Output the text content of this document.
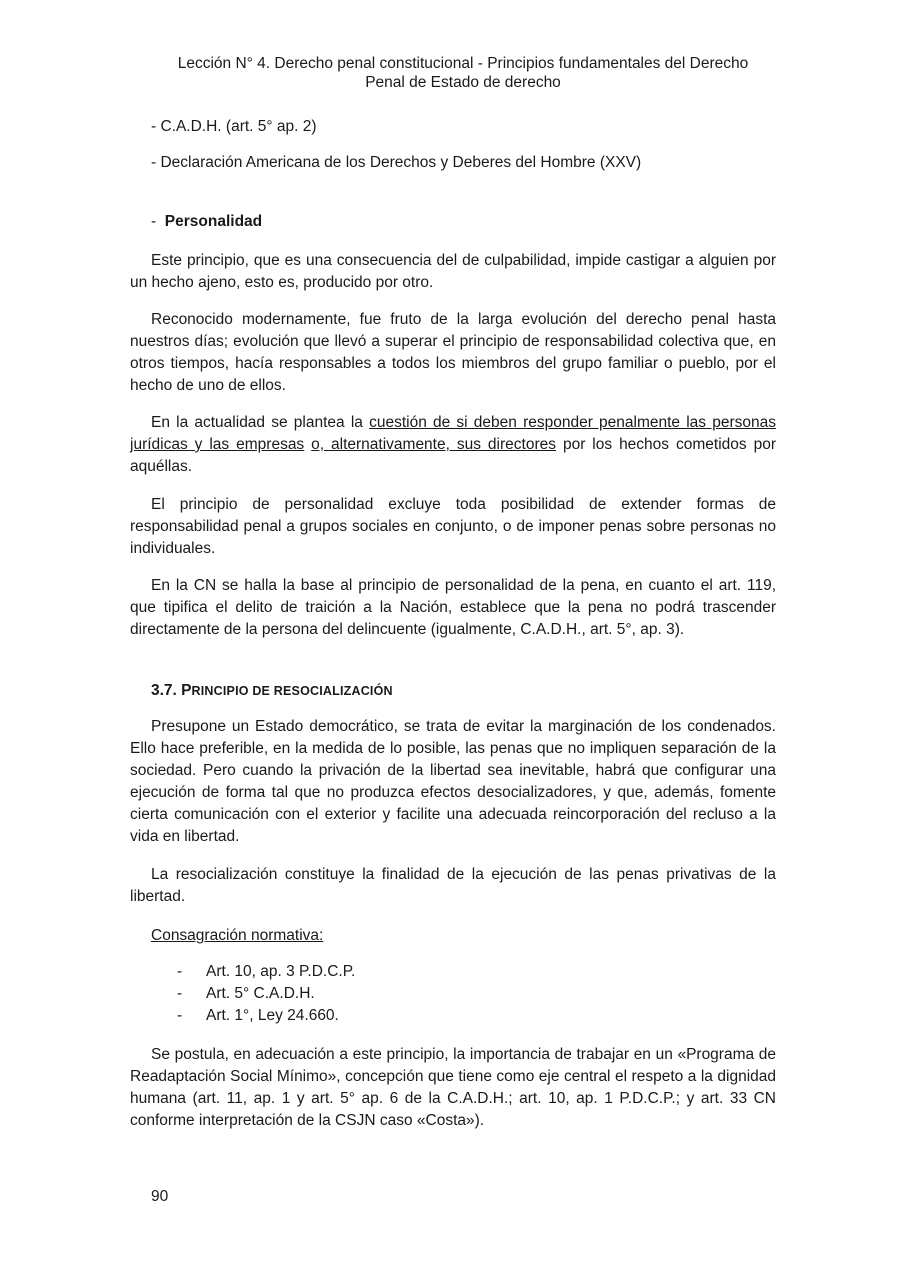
Lección N° 4. Derecho penal constitucional - Principios fundamentales del Derecho
Penal de Estado de derecho

- C.A.D.H. (art. 5° ap. 2)

- Declaración Americana de los Derechos y Deberes del Hombre (XXV)

- Personalidad

Este principio, que es una consecuencia del de culpabilidad, impide castigar a alguien por un hecho ajeno, esto es, producido por otro.

Reconocido modernamente, fue fruto de la larga evolución del derecho penal hasta nuestros días; evolución que llevó a superar el principio de responsabilidad colectiva que, en otros tiempos, hacía responsables a todos los miembros del grupo familiar o pueblo, por el hecho de uno de ellos.

En la actualidad se plantea la cuestión de si deben responder penalmente las personas jurídicas y las empresas o, alternativamente, sus directores por los hechos cometidos por aquéllas.

El principio de personalidad excluye toda posibilidad de extender formas de responsabilidad penal a grupos sociales en conjunto, o de imponer penas sobre personas no individuales.

En la CN se halla la base al principio de personalidad de la pena, en cuanto el art. 119, que tipifica el delito de traición a la Nación, establece que la pena no podrá trascender directamente de la persona del delincuente (igualmente, C.A.D.H., art. 5°, ap. 3).

3.7. PRINCIPIO DE RESOCIALIZACIÓN

Presupone un Estado democrático, se trata de evitar la marginación de los condenados. Ello hace preferible, en la medida de lo posible, las penas que no impliquen separación de la sociedad. Pero cuando la privación de la libertad sea inevitable, habrá que configurar una ejecución de forma tal que no produzca efectos desocializadores, y que, además, fomente cierta comunicación con el exterior y facilite una adecuada reincorporación del recluso a la vida en libertad.

La resocialización constituye la finalidad de la ejecución de las penas privativas de la libertad.

Consagración normativa:

- Art. 10, ap. 3 P.D.C.P.
- Art. 5° C.A.D.H.
- Art. 1°, Ley 24.660.

Se postula, en adecuación a este principio, la importancia de trabajar en un «Programa de Readaptación Social Mínimo», concepción que tiene como eje central el respeto a la dignidad humana (art. 11, ap. 1 y art. 5° ap. 6 de la C.A.D.H.; art. 10, ap. 1 P.D.C.P.; y art. 33 CN conforme interpretación de la CSJN caso «Costa»).

90
